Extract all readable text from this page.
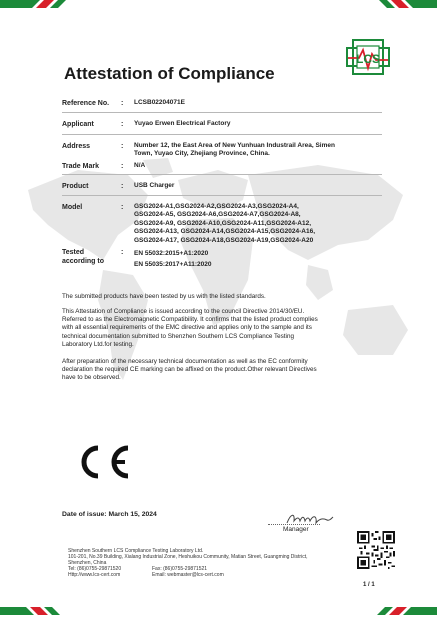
LCS
Attestation of Compliance
Reference No. : LCSB02204071E
Applicant	: Yuyao Erwen Electrical Factory
Address	: Number 12, the East Area of New Yunhuan Industrail Area, Simen
Town, Yuyao City, Zhejiang Province, China.
Trade Mark	: N/A
Product	: USB Charger
Model	: GSG2024-A1,GSG2024-A2,GSG2024-A3,GSG2024-A4,
GSG2024-A5, GSG2024-A6,GSG2024-A7,GSG2024-A8,
GSG2024-A9, GSG2024-A10,GSG2024-A11,GSG2024-A12,
GSG2024-A13, GSG2024-A14,GSG2024-A15,GSG2024-A16,
GSG2024-A17, GSG2024-A18,GSG2024-A19,GSG2024-A20
Tested
according to
: EN 55032:2015+A1:2020
EN 55035:2017+A11:2020
The submitted products have been tested by us with the listed standards.
This Attestation of Compliance is issued according to the council Directive 2014/30/EU.
Referred to as the Electromagnetic Compatibility. It confirms that the listed product complies
with all essential requirements of the EMC directive and applies only to the sample and its
technical documentation submitted to Shenzhen Southern LCS Compliance Testing
Laboratory Ltd.for testing.
After preparation of the necessary technical documentation as well as the EC conformity
declaration the required CE marking can be affixed on the product.Other relevant Directives
have to be observed.
Manager
Date of issue: March 15, 2024
Shenzhen Southern LCS Compliance Testing Laboratory Ltd.
101-201, No.39 Building, Xialang Industrial Zone, Heshuikou Community, Matian Street, Guangming District,
Shenzhen, China
Tel: (86)0755-29871520	Fax: (86)0755-29871521
Http://www.lcs-cert.com	Email: webmaster@lcs-cert.com
1 / 1
